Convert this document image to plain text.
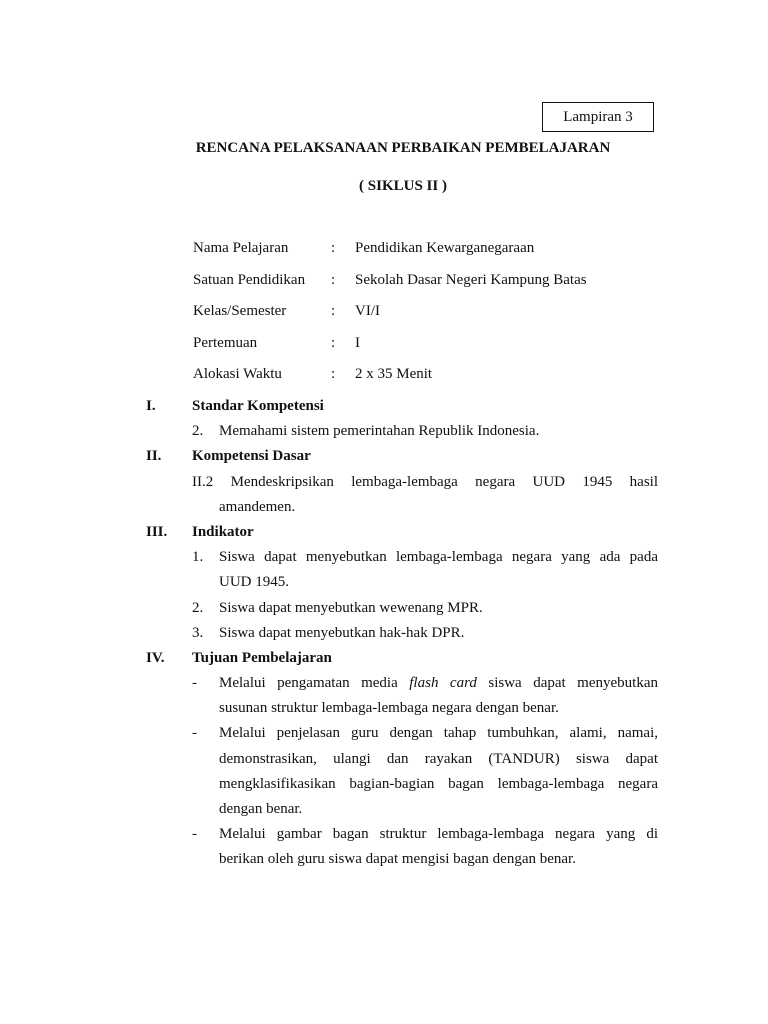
Lampiran 3
RENCANA PELAKSANAAN PERBAIKAN PEMBELAJARAN
( SIKLUS II )
Nama Pelajaran	: Pendidikan Kewarganegaraan
Satuan Pendidikan : Sekolah Dasar Negeri Kampung Batas
Kelas/Semester	: VI/I
Pertemuan	: I
Alokasi Waktu	: 2 x 35 Menit
I. Standar Kompetensi
2. Memahami sistem pemerintahan Republik Indonesia.
II. Kompetensi Dasar
II.2 Mendeskripsikan lembaga-lembaga negara UUD 1945 hasil
amandemen.
III. Indikator
1. Siswa dapat menyebutkan lembaga-lembaga negara yang ada pada
UUD 1945.
2. Siswa dapat menyebutkan wewenang MPR.
3. Siswa dapat menyebutkan hak-hak DPR.
IV. Tujuan Pembelajaran
- Melalui pengamatan media flash card siswa dapat menyebutkan
susunan struktur lembaga-lembaga negara dengan benar.
- Melalui penjelasan guru dengan tahap tumbuhkan, alami, namai,
demonstrasikan, ulangi dan rayakan (TANDUR) siswa dapat
mengklasifikasikan bagian-bagian bagan lembaga-lembaga negara
dengan benar.
- Melalui gambar bagan struktur lembaga-lembaga negara yang di
berikan oleh guru siswa dapat mengisi bagan dengan benar.
